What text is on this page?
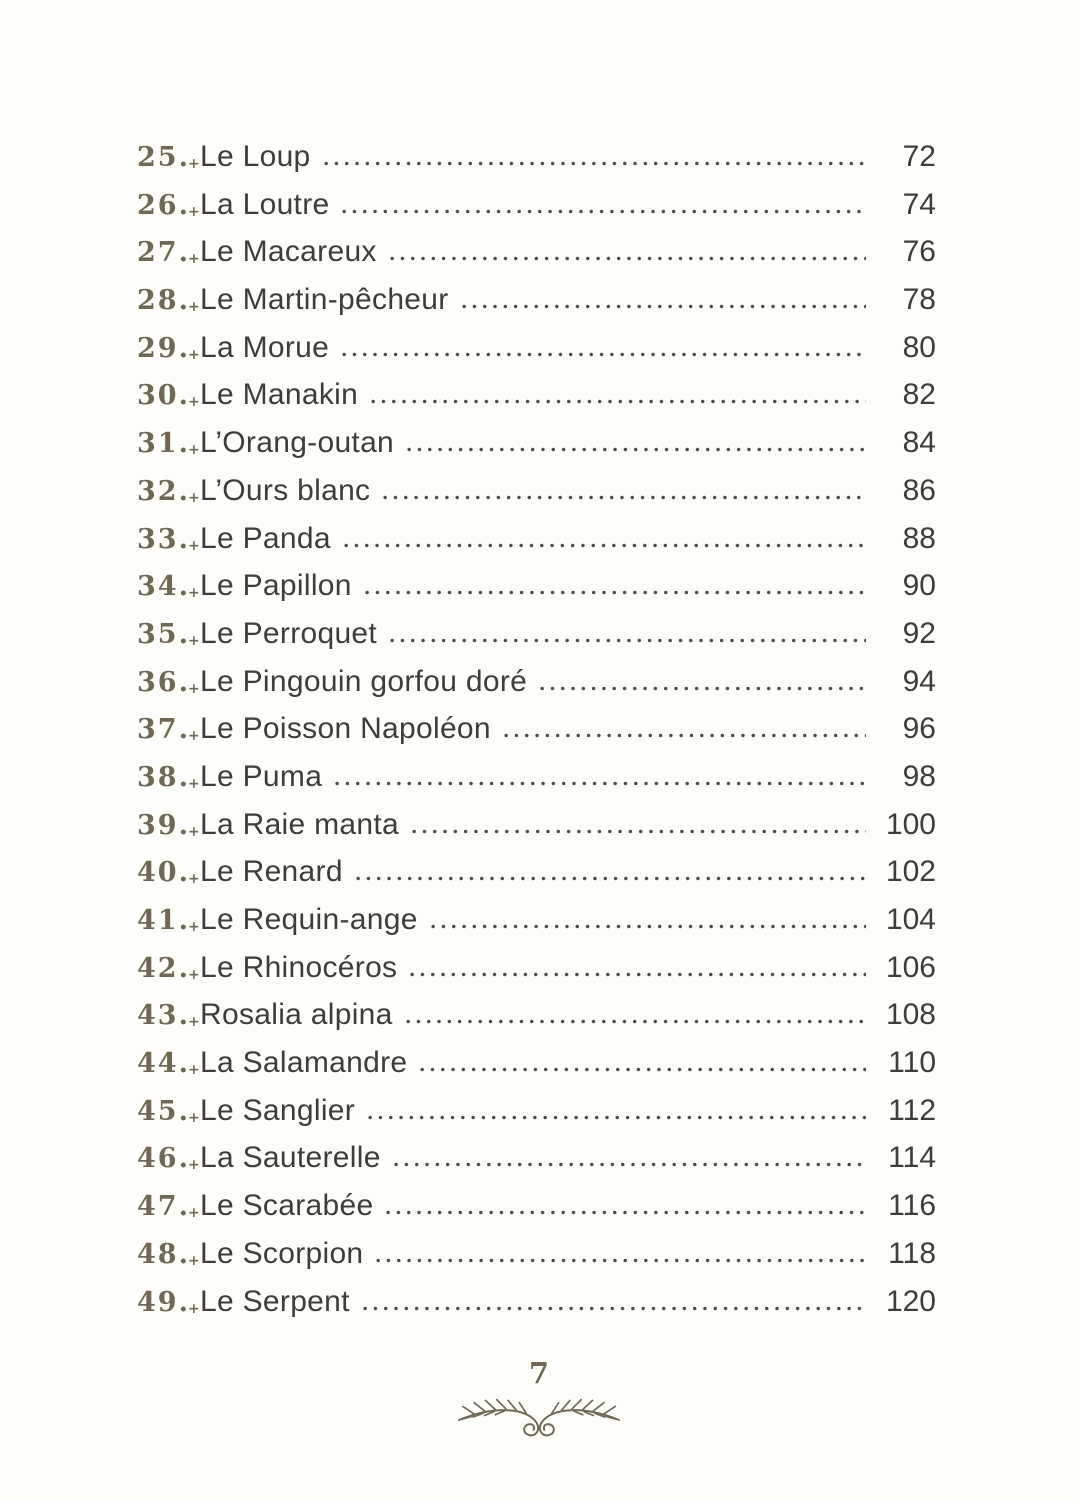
25.+ Le Loup	72
26.+ La Loutre	74
27.+ Le Macareux	76
28.+ Le Martin-pêcheur	78
29.+ La Morue	80
30.+ Le Manakin	82
31.+ L’Orang-outan	84
32.+ L’Ours blanc	86
33.+ Le Panda	88
34.+ Le Papillon	90
35.+ Le Perroquet	92
36.+ Le Pingouin gorfou doré	94
37.+ Le Poisson Napoléon	96
38.+ Le Puma	98
39.+ La Raie manta	100
40.+ Le Renard	102
41.+ Le Requin-ange	104
42.+ Le Rhinocéros	106
43.+ Rosalia alpina	108
44.+ La Salamandre	110
45.+ Le Sanglier	112
46.+ La Sauterelle	114
47.+ Le Scarabée	116
48.+ Le Scorpion	118
49.+ Le Serpent	120
7
